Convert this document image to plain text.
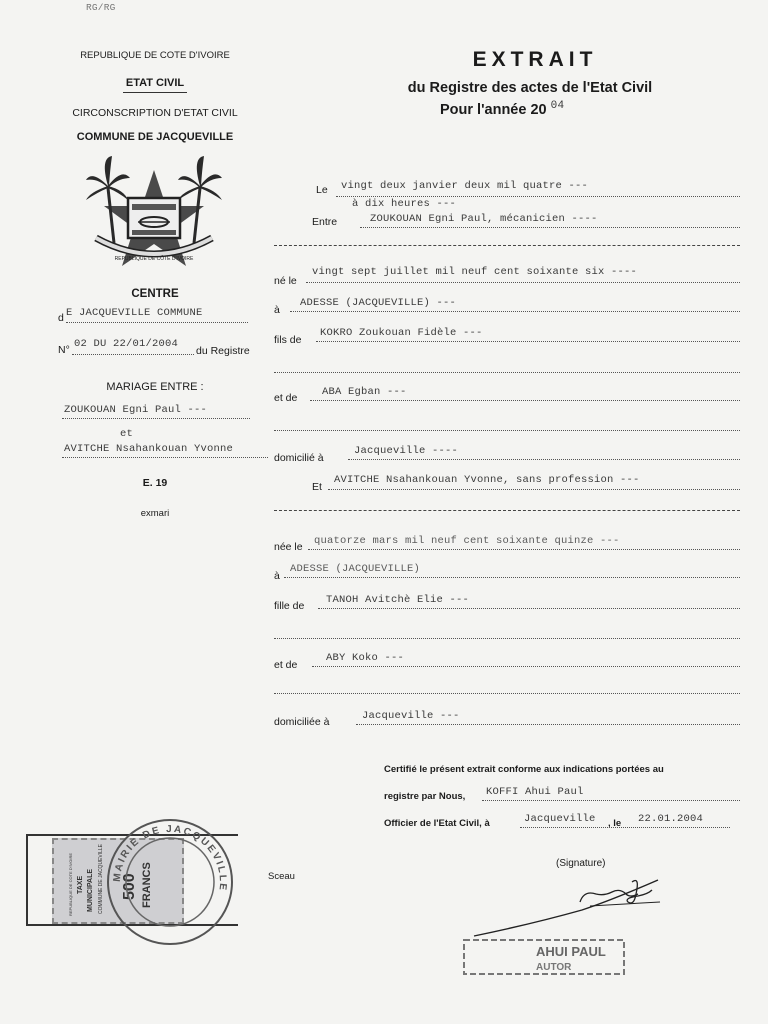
RG/RG
REPUBLIQUE DE COTE D'IVOIRE
ETAT CIVIL
CIRCONSCRIPTION D'ETAT CIVIL
COMMUNE DE JACQUEVILLE
REPUBLIQUE DE CÔTE D'IVOIRE
CENTRE
d E JACQUEVILLE COMMUNE
N° 02 DU 22/01/2004
du Registre
MARIAGE ENTRE :
ZOUKOUAN Egni Paul ---
et
AVITCHE Nsahankouan Yvonne
E. 19
exmari
EXTRAIT
du Registre des actes de l'Etat Civil
Pour l'année 20 $^{04}$
Le vingt deux janvier deux mil quatre ---
à dix heures ---
Entre	ZOUKOUAN Egni Paul, mécanicien ----
né le
vingt sept juillet mil neuf cent soixante six ----
à
ADESSE (JACQUEVILLE) ---
fils de
KOKRO Zoukouan Fidèle ---
et de ABA Egban ---
domicilié à
Jacqueville ----
Et
AVITCHE Nsahankouan Yvonne, sans profession ---
née le quatorze mars mil neuf cent soixante quinze ---
à
ADESSE (JACQUEVILLE)
fille de TANOH Avitchè Elie ---
et de
ABY Koko ---
domiciliée à	Jacqueville ---
Certifié le présent extrait conforme aux indications portées au
registre par Nous, KOFFI Ahui Paul
Officier de l'Etat Civil, à	Jacqueville , le 22.01.2004
(Signature)
Sceau
AHUI PAUL
AUTOR
REPUBLIQUE DE COTE D'IVOIRE TAXE MUNICIPALE COMMUNE DE JACQUEVILLE 500 FRANCS
MAIRIE DE JACQUEVILLE
